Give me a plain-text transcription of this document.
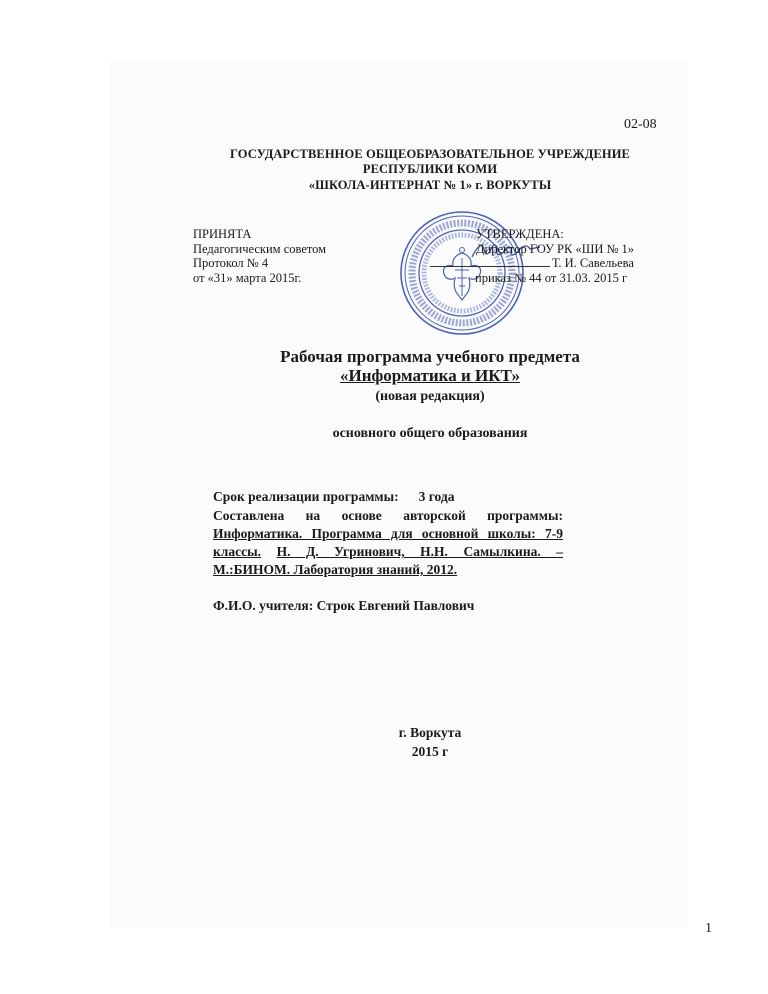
02-08
ГОСУДАРСТВЕННОЕ ОБЩЕОБРАЗОВАТЕЛЬНОЕ УЧРЕЖДЕНИЕ
РЕСПУБЛИКИ КОМИ
«ШКОЛА-ИНТЕРНАТ № 1» г. ВОРКУТЫ
ПРИНЯТА
Педагогическим советом
Протокол № 4
от «31» марта 2015г.
УТВЕРЖДЕНА:
Директор ГОУ РК «ШИ № 1»
Т. И. Савельева
приказ № 44 от 31.03. 2015 г
Рабочая программа учебного предмета
«Информатика и ИКТ»
(новая редакция)
основного общего образования
Срок реализации программы: 3 года
Составлена на основе авторской программы: Информатика. Программа для основной школы: 7-9 классы. Н. Д. Угринович, Н.Н. Самылкина. – М.:БИНОМ. Лаборатория знаний, 2012.
Ф.И.О. учителя: Строк Евгений Павлович
г. Воркута
2015 г
1
